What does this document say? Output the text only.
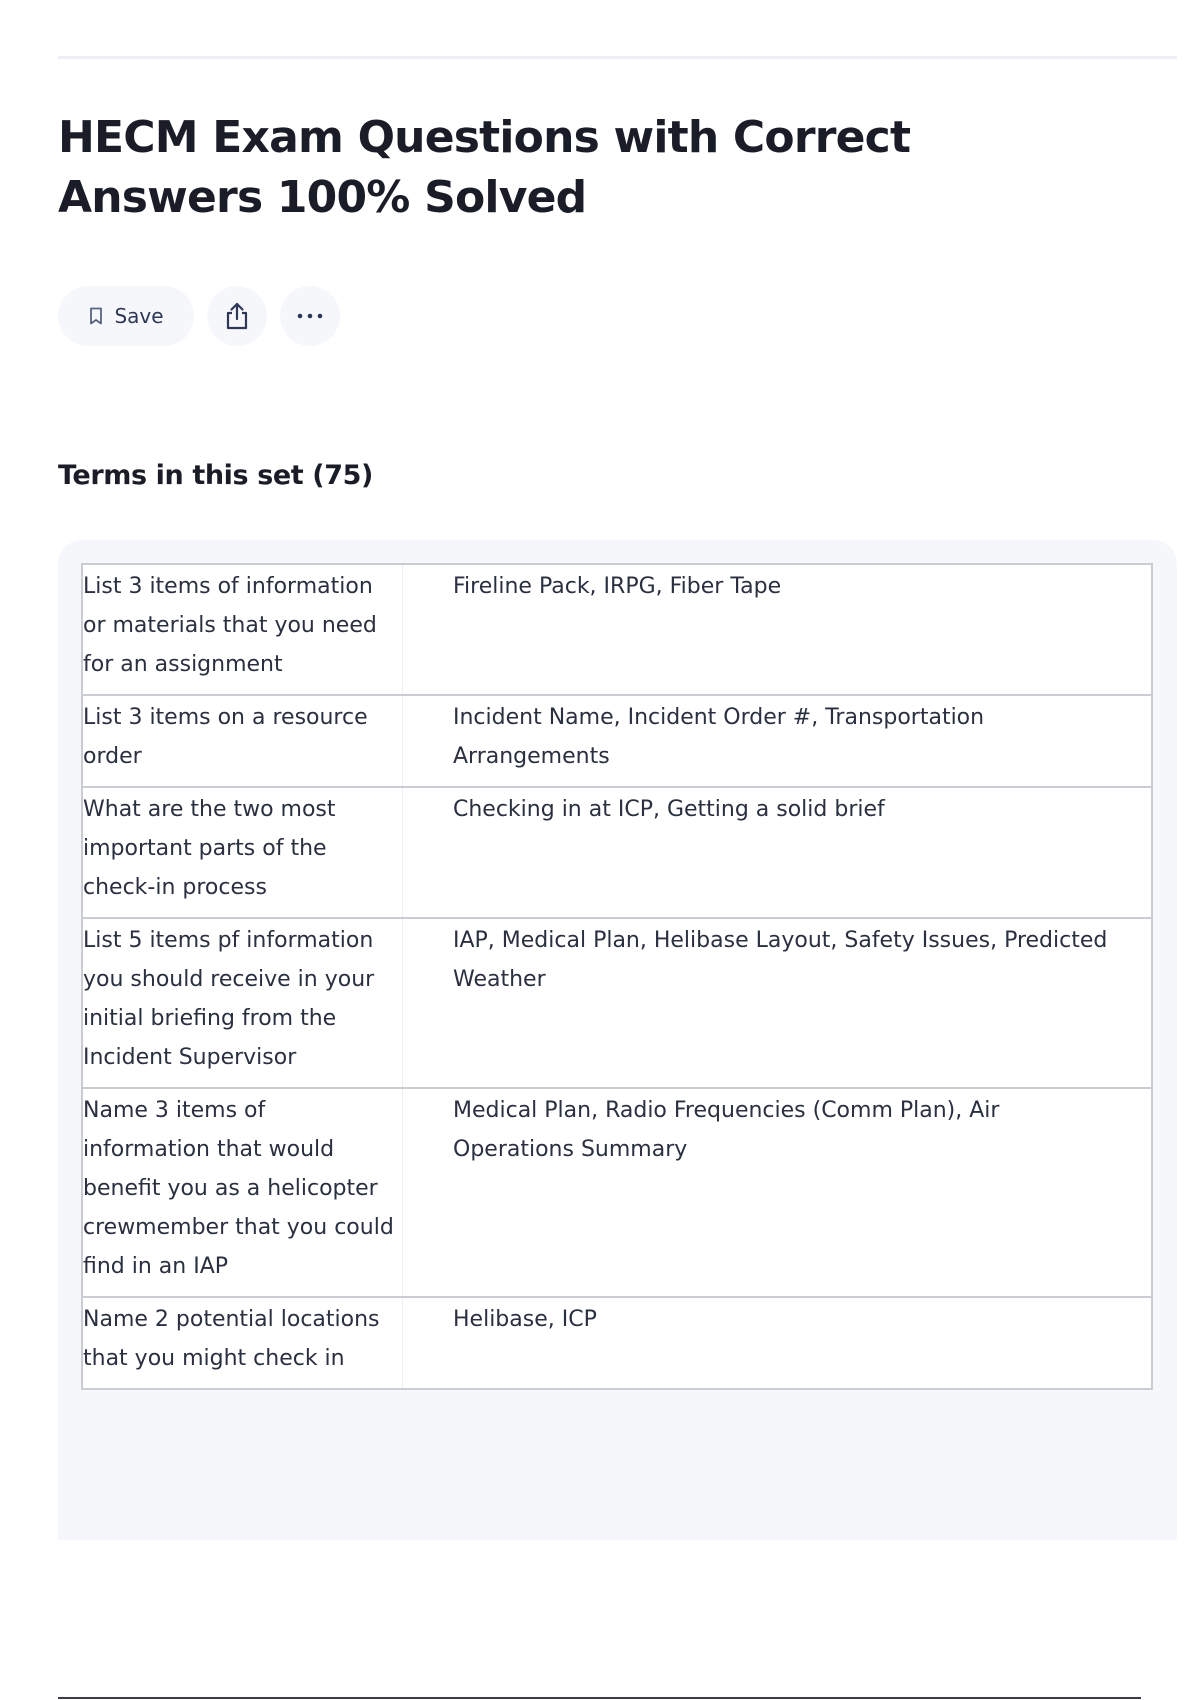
HECM Exam Questions with Correct Answers 100% Solved
Save
Terms in this set (75)
List 3 items of information or materials that you need for an assignment
Fireline Pack, IRPG, Fiber Tape
List 3 items on a resource order
Incident Name, Incident Order #, Transportation Arrangements
What are the two most important parts of the check-in process
Checking in at ICP, Getting a solid brief
List 5 items pf information you should receive in your initial briefing from the Incident Supervisor
IAP, Medical Plan, Helibase Layout, Safety Issues, Predicted Weather
Name 3 items of information that would benefit you as a helicopter crewmember that you could find in an IAP
Medical Plan, Radio Frequencies (Comm Plan), Air Operations Summary
Name 2 potential locations that you might check in
Helibase, ICP
